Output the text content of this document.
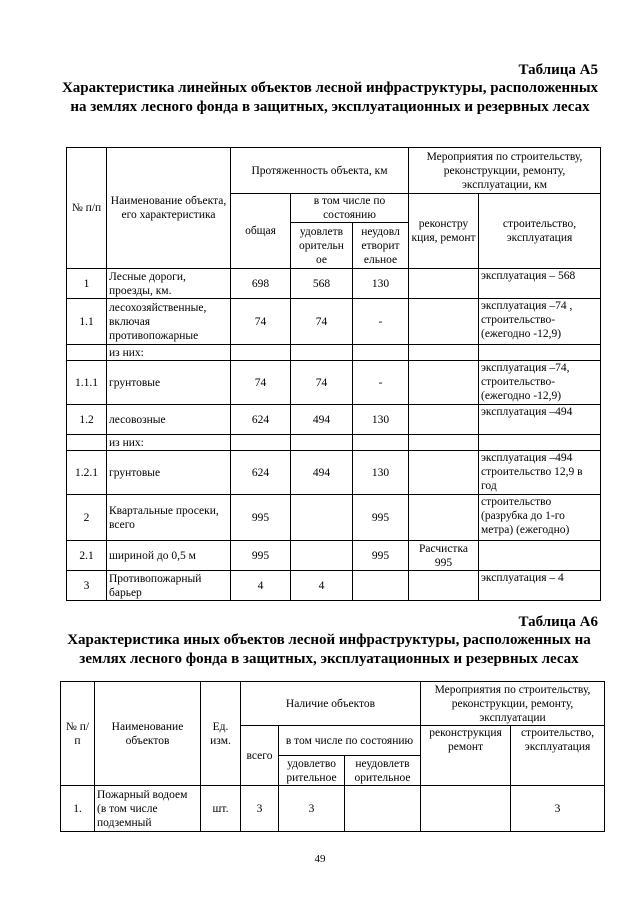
Таблица А5
Характеристика линейных объектов лесной инфраструктуры, расположенных на землях лесного фонда в защитных, эксплуатационных и резервных лесах
№ п/п	Наименование объекта, его характеристика	Протяженность объекта, км			Мероприятия по строительству, реконструкции, ремонту, эксплуатации, км	
		общая	в том числе по состоянию		реконстру кция, ремонт	строительство, эксплуатация
			удовлетв орительн ое	неудовл етворит ельное		
1	Лесные дороги, проезды, км.	698	568	130		эксплуатация – 568
1.1	лесохозяйственные, включая противопожарные	74	74	-		эксплуатация –74 , строительство- (ежегодно -12,9)
	из них:					
1.1.1	грунтовые	74	74	-		эксплуатация –74, строительство- (ежегодно -12,9)
1.2	лесовозные	624	494	130		эксплуатация –494
	из них:					
1.2.1	грунтовые	624	494	130		эксплуатация –494 строительство 12,9 в год
2	Квартальные просеки, всего	995		995		строительство (разрубка до 1-го метра) (ежегодно)
2.1	шириной до 0,5 м	995		995	Расчистка 995	
3	Противопожарный барьер	4	4			эксплуатация – 4
Таблица А6
Характеристика иных объектов лесной инфраструктуры, расположенных на землях лесного фонда в защитных, эксплуатационных и резервных лесах
№ п/п	Наименование объектов	Ед. изм.	Наличие объектов			Мероприятия по строительству, реконструкции, ремонту, эксплуатации	
			всего	в том числе по состоянию		реконструкция ремонт	строительство, эксплуатация
				удовлетво рительное	неудовлетв орительное		
1.	Пожарный водоем (в том числе подземный	шт.	3	3			3
49
